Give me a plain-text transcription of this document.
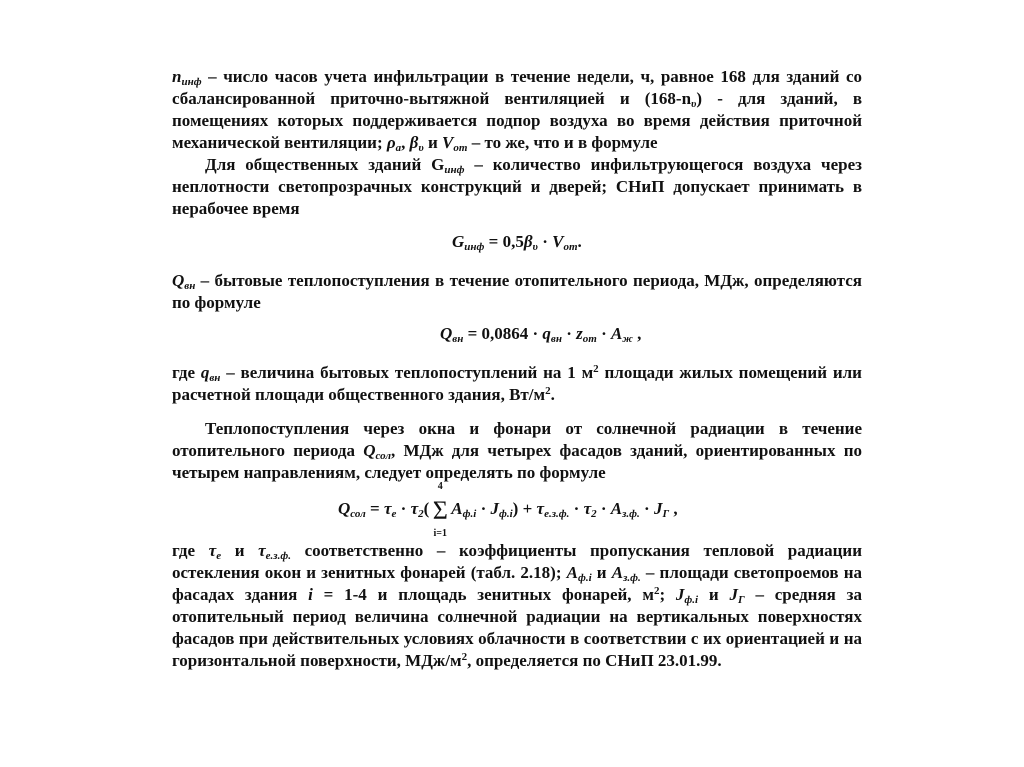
$n_{инф}$ – число часов учета инфильтрации в течение недели, ч, равное 168 для зданий со сбалансированной приточно-вытяжной вентиляцией и $(168-n_\upsilon)$ - для зданий, в помещениях которых поддерживается подпор воздуха во время действия приточной механической вентиляции; $\rho_a$, $\beta_\upsilon$ и $V_{от}$ – то же, что и в формуле

Для общественных зданий $G_{инф}$ – количество инфильтрующегося воздуха через неплотности светопрозрачных конструкций и дверей; СНиП допускает принимать в нерабочее время

$G_{инф} = 0,5\beta_\upsilon \cdot V_{от}$.

$Q_{вн}$ – бытовые теплопоступления в течение отопительного периода, МДж, определяются по формуле

$Q_{вн} = 0,0864 \cdot q_{вн} \cdot z_{от} \cdot A_ж$ ,

где $q_{вн}$ – величина бытовых теплопоступлений на 1 $м^2$ площади жилых помещений или расчетной площади общественного здания, $Вт/м^2$.

Теплопоступления через окна и фонари от солнечной радиации в течение отопительного периода $Q_{сол}$, МДж для четырех фасадов зданий, ориентированных по четырем направлениям, следует определять по формуле

$Q_{сол} = \tau_e \cdot \tau_2$(
4
Σ
i=1
$A_{ф.i} \cdot J_{ф.i}) + \tau_{е.з.ф.} \cdot \tau_2 \cdot A_{з.ф.} \cdot J_Г$ ,

где $\tau_e$ и $\tau_{е.з.ф.}$ соответственно – коэффициенты пропускания тепловой радиации остекления окон и зенитных фонарей (табл. 2.18); $A_{ф.i}$ и $A_{з.ф.}$ – площади светопроемов на фасадах здания i = 1-4 и площадь зенитных фонарей, $м^2$; $J_{ф.i}$ и $J_Г$ – средняя за отопительный период величина солнечной радиации на вертикальных поверхностях фасадов при действительных условиях облачности в соответствии с их ориентацией и на горизонтальной поверхности, МДж/$м^2$, определяется по СНиП 23.01.99.
